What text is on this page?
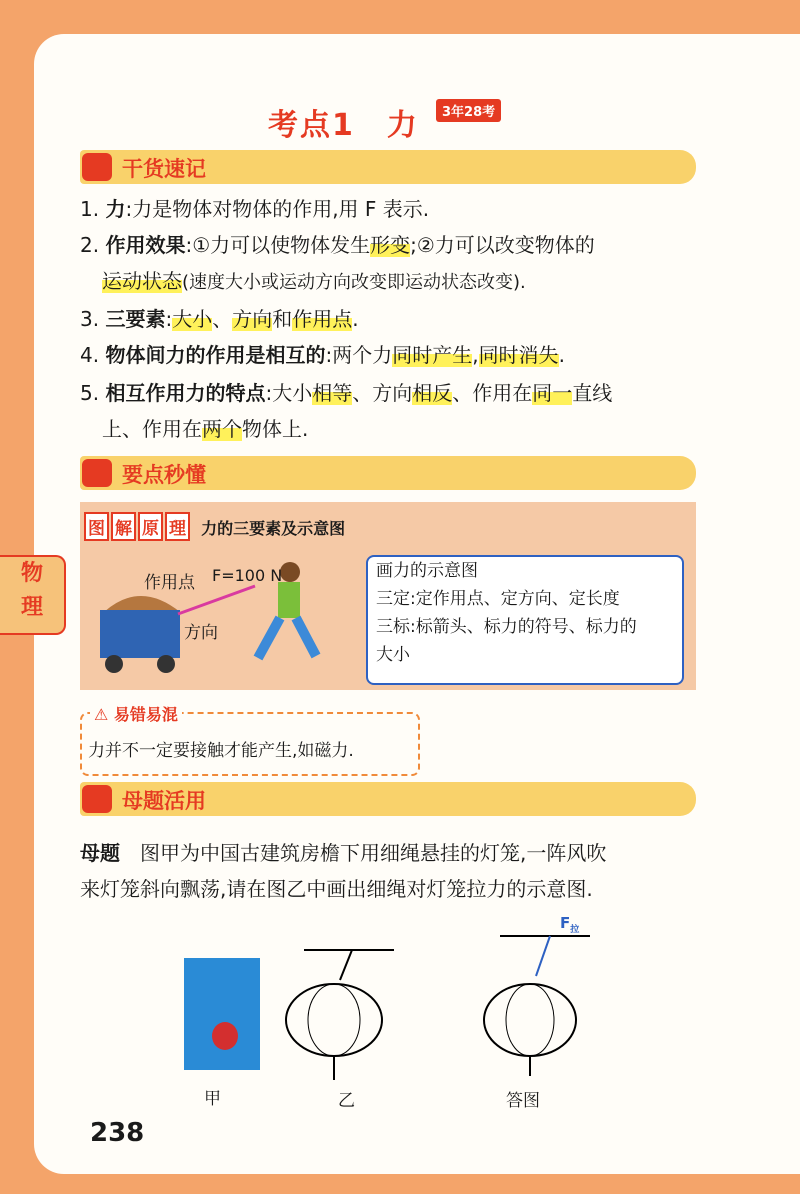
物
理
考点1　力	3年28考
干货速记
1. 力:力是物体对物体的作用,用 F 表示.
2. 作用效果:①力可以使物体发生形变;②力可以改变物体的
运动状态(速度大小或运动方向改变即运动状态改变).
3. 三要素:大小、方向和作用点.
4. 物体间力的作用是相互的:两个力同时产生,同时消失.
5. 相互作用力的特点:大小相等、方向相反、作用在同一直线
上、作用在两个物体上.
要点秒懂
图 解 原 理 力的三要素及示意图
作用点 F=100 N
方向
画力的示意图
三定:定作用点、定方向、定长度
三标:标箭头、标力的符号、标力的
大小
⚠ 易错易混
力并不一定要接触才能产生,如磁力.
母题活用
母题　 图甲为中国古建筑房檐下用细绳悬挂的灯笼,一阵风吹
来灯笼斜向飘荡,请在图乙中画出细绳对灯笼拉力的示意图.
$F_拉$
甲	乙	答图
238
